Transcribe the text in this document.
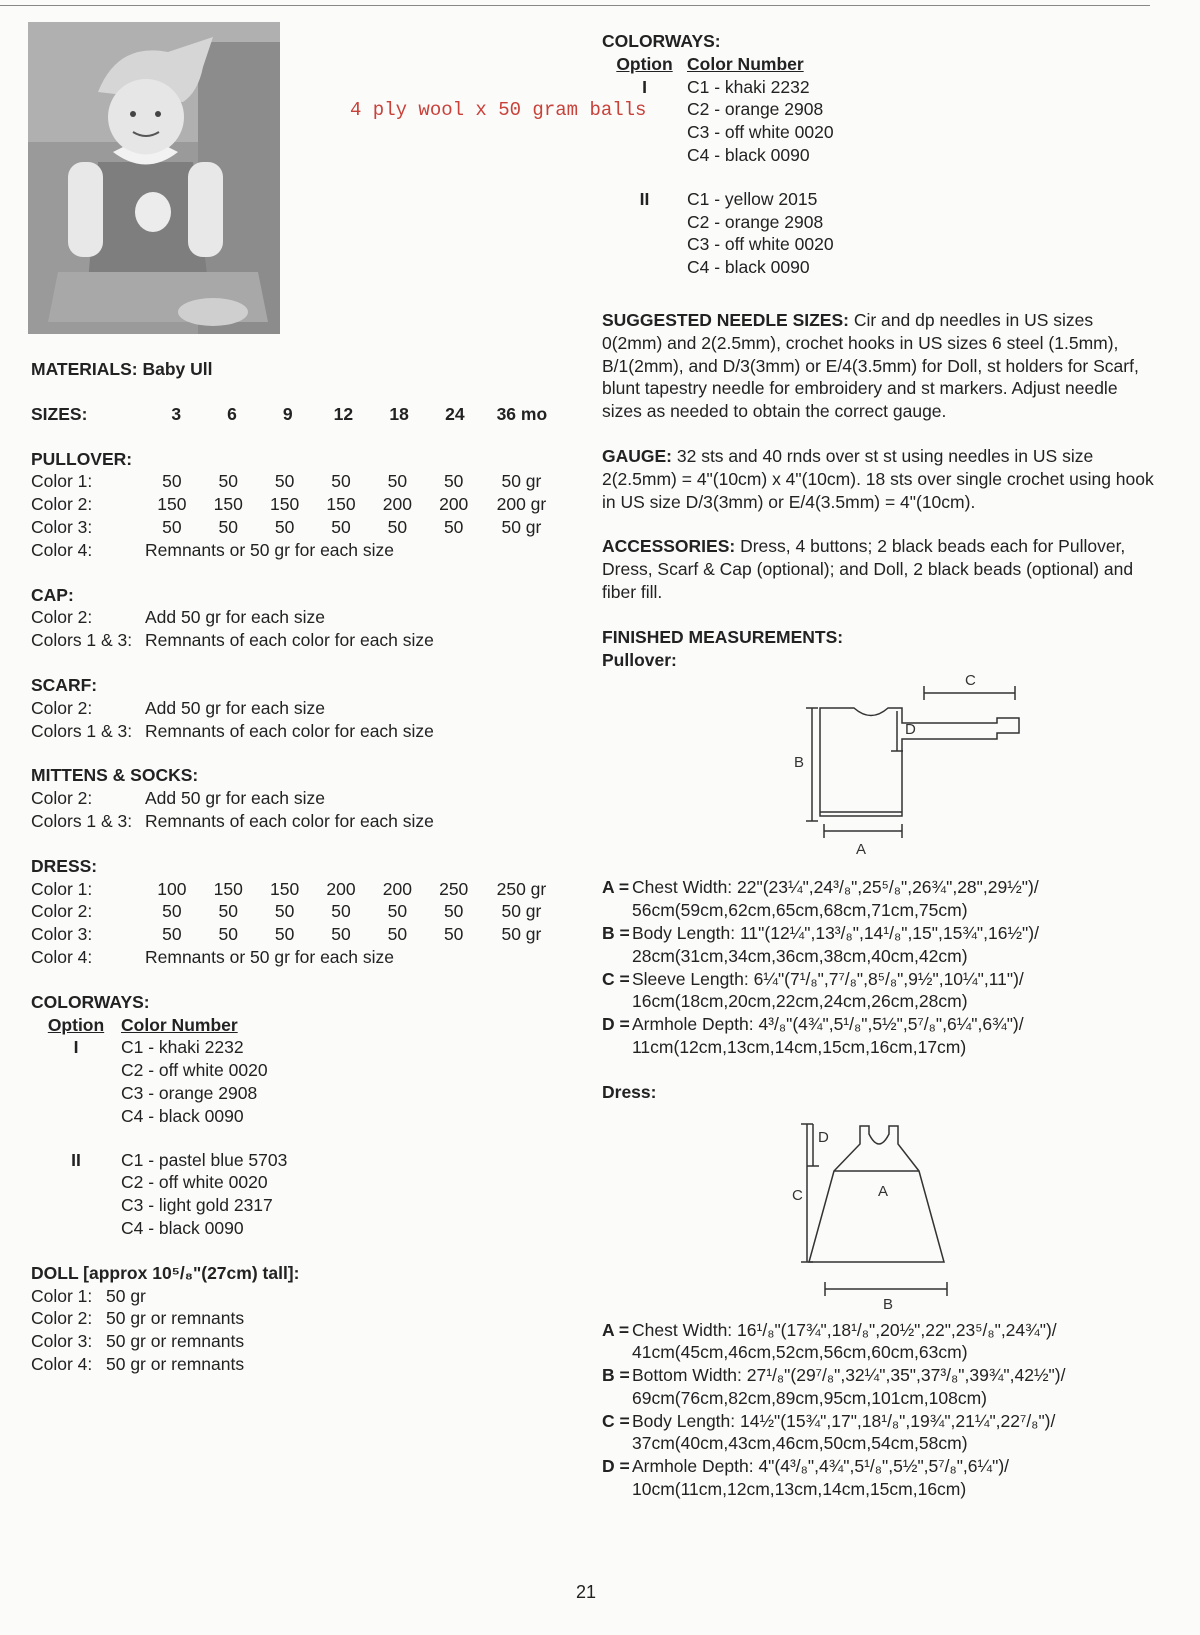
4 ply wool x 50 gram balls
MATERIALS: Baby Ull
SIZES:	3	6	9	12	18	24	36 mo
PULLOVER:
Color 1:	50	50	50	50	50	50	50 gr
Color 2:	150	150	150	150	200	200	200 gr
Color 3:	50	50	50	50	50	50	50 gr
Color 4:	Remnants or 50 gr for each size
CAP:
Color 2:	Add 50 gr for each size
Colors 1 & 3: Remnants of each color for each size
SCARF:
Color 2:	Add 50 gr for each size
Colors 1 & 3: Remnants of each color for each size
MITTENS & SOCKS:
Color 2:	Add 50 gr for each size
Colors 1 & 3: Remnants of each color for each size
DRESS:
Color 1:	100	150	150	200	200	250	250 gr
Color 2:	50	50	50	50	50	50	50 gr
Color 3:	50	50	50	50	50	50	50 gr
Color 4:	Remnants or 50 gr for each size
COLORWAYS:
Option Color Number
I	C1 - khaki 2232
C2 - off white 0020
C3 - orange 2908
C4 - black 0090
II	C1 - pastel blue 5703
C2 - off white 0020
C3 - light gold 2317
C4 - black 0090
DOLL [approx 10⁵/₈"(27cm) tall]:
Color 1: 50 gr
Color 2: 50 gr or remnants
Color 3: 50 gr or remnants
Color 4: 50 gr or remnants
COLORWAYS:
Option Color Number
I	C1 - khaki 2232
C2 - orange 2908
C3 - off white 0020
C4 - black 0090
II	C1 - yellow 2015
C2 - orange 2908
C3 - off white 0020
C4 - black 0090
SUGGESTED NEEDLE SIZES: Cir and dp needles in US sizes 0(2mm) and 2(2.5mm), crochet hooks in US sizes 6 steel (1.5mm), B/1(2mm), and D/3(3mm) or E/4(3.5mm) for Doll, st holders for Scarf, blunt tapestry needle for embroidery and st markers. Adjust needle sizes as needed to obtain the correct gauge.
GAUGE: 32 sts and 40 rnds over st st using needles in US size 2(2.5mm) = 4"(10cm) x 4"(10cm). 18 sts over single crochet using hook in US size D/3(3mm) or E/4(3.5mm) = 4"(10cm).
ACCESSORIES: Dress, 4 buttons; 2 black beads each for Pullover, Dress, Scarf & Cap (optional); and Doll, 2 black beads (optional) and fiber fill.
FINISHED MEASUREMENTS:
Pullover:
B
D
C
A
A = Chest Width: 22"(23¼",24³/₈",25⁵/₈",26¾",28",29½")/ 56cm(59cm,62cm,65cm,68cm,71cm,75cm)
B = Body Length: 11"(12¼",13³/₈",14¹/₈",15",15¾",16½")/ 28cm(31cm,34cm,36cm,38cm,40cm,42cm)
C = Sleeve Length: 6¼"(7¹/₈",7⁷/₈",8⁵/₈",9½",10¼",11")/ 16cm(18cm,20cm,22cm,24cm,26cm,28cm)
D = Armhole Depth: 4³/₈"(4¾",5¹/₈",5½",5⁷/₈",6¼",6¾")/ 11cm(12cm,13cm,14cm,15cm,16cm,17cm)
Dress:
D
C	A
B
A = Chest Width: 16¹/₈"(17¾",18¹/₈",20½",22",23⁵/₈",24¾")/ 41cm(45cm,46cm,52cm,56cm,60cm,63cm)
B = Bottom Width: 27¹/₈"(29⁷/₈",32¼",35",37³/₈",39¾",42½")/ 69cm(76cm,82cm,89cm,95cm,101cm,108cm)
C = Body Length: 14½"(15¾",17",18¹/₈",19¾",21¼",22⁷/₈")/ 37cm(40cm,43cm,46cm,50cm,54cm,58cm)
D = Armhole Depth: 4"(4³/₈",4¾",5¹/₈",5½",5⁷/₈",6¼")/ 10cm(11cm,12cm,13cm,14cm,15cm,16cm)
21
